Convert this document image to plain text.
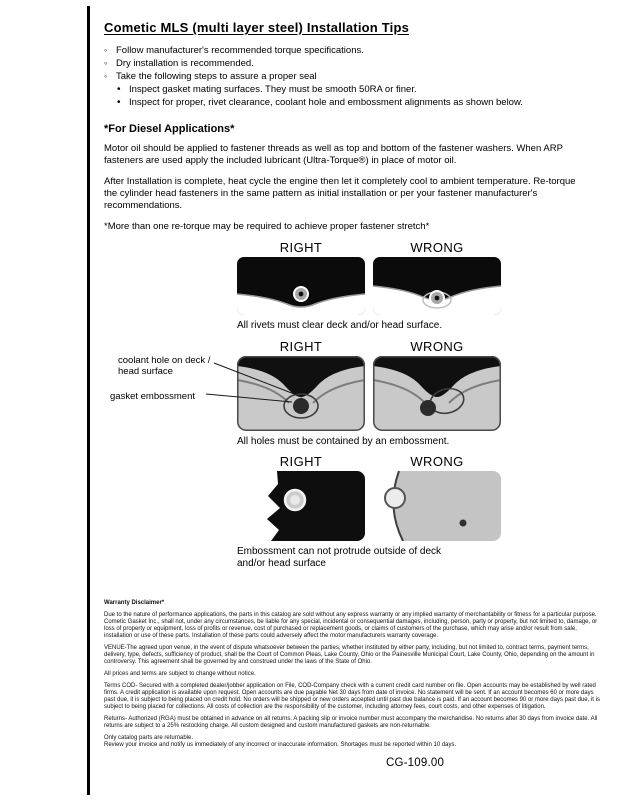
Cometic MLS (multi layer steel) Installation Tips
◦ Follow manufacturer's recommended torque specifications.
◦ Dry installation is recommended.
◦ Take the following steps to assure a proper seal
• Inspect gasket mating surfaces. They must be smooth 50RA or finer.
• Inspect for proper, rivet clearance, coolant hole and embossment alignments as shown below.
*For Diesel Applications*

Motor oil should be applied to fastener threads as well as top and bottom of the fastener washers. When ARP fasteners are used apply the included lubricant (Ultra-Torque®) in place of motor oil.

After Installation is complete, heat cycle the engine then let it completely cool to ambient temperature. Re-torque the cylinder head fasteners in the same pattern as initial installation or per your fastener manufacturer's recommendations.

*More than one re-torque may be required to achieve proper fastener stretch*

RIGHT	WRONG
All rivets must clear deck and/or head surface.
coolant hole on deck / head surface
gasket embossment
RIGHT	WRONG
All holes must be contained by an embossment.
RIGHT	WRONG
Embossment can not protrude outside of deck and/or head surface
Warranty Disclaimer*

Due to the nature of performance applications, the parts in this catalog are sold without any express warranty or any implied warranty of merchantability or fitness for a particular purpose. Cometic Gasket Inc., shall not, under any circumstances, be liable for any special, incidental or consequential damages, including, person, party or property, but not limited to, damage, or loss of property or equipment, loss of profits or revenue, cost of purchased or replacement goods, or claims of customers of the purchase, which may arise and/or result from sale, installation or use of these parts. Installation of these parts could adversely affect the motor manufacturers warranty coverage.

VENUE-The agreed upon venue, in the event of dispute whatsoever between the parties, whether instituted by either party, including, but not limited to, contract terms, payment terms, delivery, type, defects, sufficiency of product, shall be the Court of Common Pleas, Lake County, Ohio or the Painesville Municipal Court, Lake County, Ohio, depending on the amount in controversy. This agreement shall be governed by and construed under the laws of the State of Ohio.

All prices and terms are subject to change without notice.

Terms COD- Secured with a completed dealer/jobber application on File, COD-Company check with a current credit card number on file. Open accounts may be established by well rated firms. A credit application is available upon request. Open accounts are due payable Net 30 days from date of invoice. No statement will be sent. If an account becomes 60 or more days past due, it is subject to being placed on credit hold. No orders will be shipped or new orders accepted until past due balance is paid. If an account becomes 90 or more days past due, it is subject to being placed for collections. All costs of collection are the responsibility of the customer, including attorney fees, court costs, and other expenses of litigation.

Returns- Authorized (RGA) must be obtained in advance on all returns. A packing slip or invoice number must accompany the merchandise. No returns after 30 days from invoice date. All returns are subject to a 25% restocking charge. All custom designed and custom manufactured gaskets are non-returnable.

Only catalog parts are returnable.

Review your invoice and notify us immediately of any incorrect or inaccurate information. Shortages must be reported within 10 days.

CG-109.00
